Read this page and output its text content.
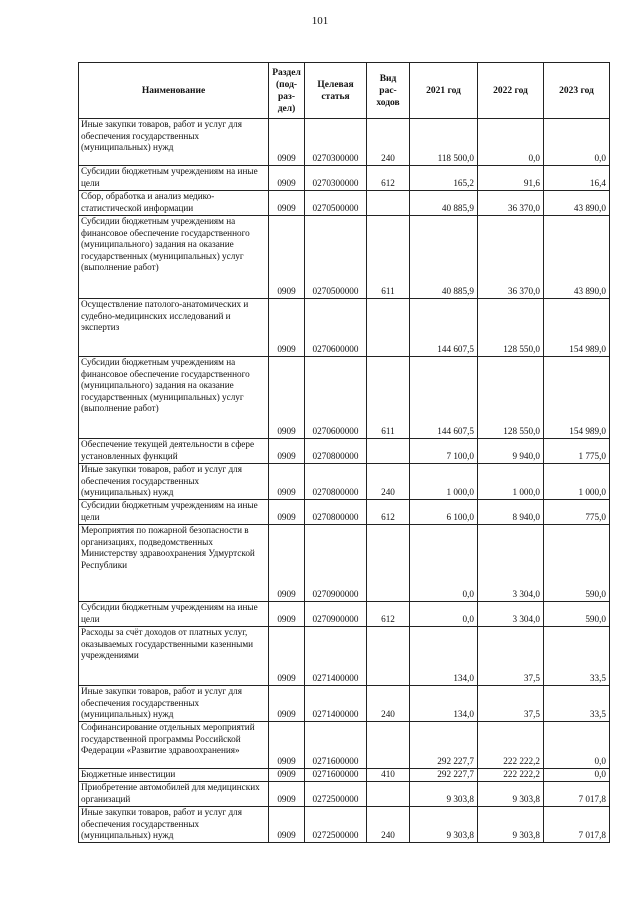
101
Наименование	Раздел (под-раз-дел)	Целевая статья	Вид рас-ходов	2021 год	2022 год	2023 год
Иные закупки товаров, работ и услуг для обеспечения государственных (муниципальных) нужд	0909	0270300000	240	118 500,0	0,0	0,0
Субсидии бюджетным учреждениям на иные цели	0909	0270300000	612	165,2	91,6	16,4
Сбор, обработка и анализ медико-статистической информации	0909	0270500000		40 885,9	36 370,0	43 890,0
Субсидии бюджетным учреждениям на финансовое обеспечение государственного (муниципального) задания на оказание государственных (муниципальных) услуг (выполнение работ)	0909	0270500000	611	40 885,9	36 370,0	43 890,0
Осуществление патолого-анатомических и судебно-медицинских исследований и экспертиз	0909	0270600000		144 607,5	128 550,0	154 989,0
Субсидии бюджетным учреждениям на финансовое обеспечение государственного (муниципального) задания на оказание государственных (муниципальных) услуг (выполнение работ)	0909	0270600000	611	144 607,5	128 550,0	154 989,0
Обеспечение текущей деятельности в сфере установленных функций	0909	0270800000		7 100,0	9 940,0	1 775,0
Иные закупки товаров, работ и услуг для обеспечения государственных (муниципальных) нужд	0909	0270800000	240	1 000,0	1 000,0	1 000,0
Субсидии бюджетным учреждениям на иные цели	0909	0270800000	612	6 100,0	8 940,0	775,0
Мероприятия по пожарной безопасности в организациях, подведомственных Министерству здравоохранения Удмуртской Республики	0909	0270900000		0,0	3 304,0	590,0
Субсидии бюджетным учреждениям на иные цели	0909	0270900000	612	0,0	3 304,0	590,0
Расходы за счёт доходов от платных услуг, оказываемых государственными казенными учреждениями	0909	0271400000		134,0	37,5	33,5
Иные закупки товаров, работ и услуг для обеспечения государственных (муниципальных) нужд	0909	0271400000	240	134,0	37,5	33,5
Софинансирование отдельных мероприятий государственной программы Российской Федерации «Развитие здравоохранения»	0909	0271600000		292 227,7	222 222,2	0,0
Бюджетные инвестиции	0909	0271600000	410	292 227,7	222 222,2	0,0
Приобретение автомобилей для медицинских организаций	0909	0272500000		9 303,8	9 303,8	7 017,8
Иные закупки товаров, работ и услуг для обеспечения государственных (муниципальных) нужд	0909	0272500000	240	9 303,8	9 303,8	7 017,8
